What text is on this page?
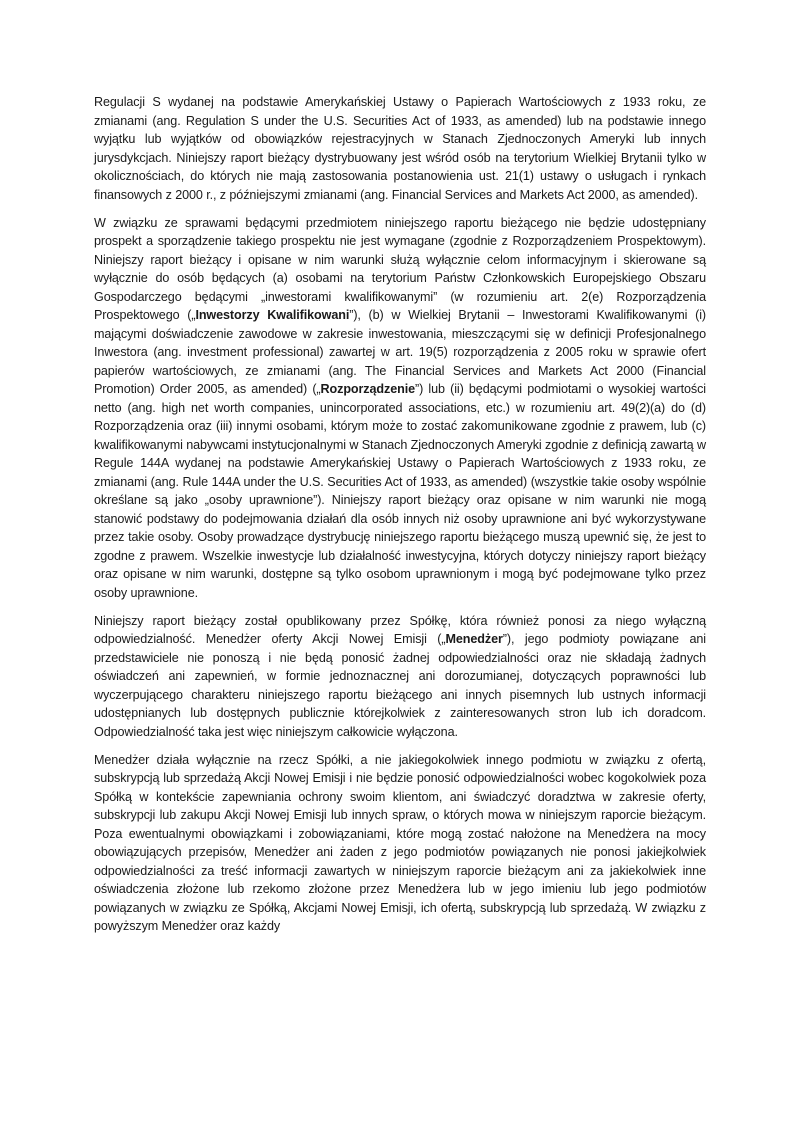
Regulacji S wydanej na podstawie Amerykańskiej Ustawy o Papierach Wartościowych z 1933 roku, ze zmianami (ang. Regulation S under the U.S. Securities Act of 1933, as amended) lub na podstawie innego wyjątku lub wyjątków od obowiązków rejestracyjnych w Stanach Zjednoczonych Ameryki lub innych jurysdykcjach. Niniejszy raport bieżący dystrybuowany jest wśród osób na terytorium Wielkiej Brytanii tylko w okolicznościach, do których nie mają zastosowania postanowienia ust. 21(1) ustawy o usługach i rynkach finansowych z 2000 r., z późniejszymi zmianami (ang. Financial Services and Markets Act 2000, as amended).

W związku ze sprawami będącymi przedmiotem niniejszego raportu bieżącego nie będzie udostępniany prospekt a sporządzenie takiego prospektu nie jest wymagane (zgodnie z Rozporządzeniem Prospektowym). Niniejszy raport bieżący i opisane w nim warunki służą wyłącznie celom informacyjnym i skierowane są wyłącznie do osób będących (a) osobami na terytorium Państw Członkowskich Europejskiego Obszaru Gospodarczego będącymi „inwestorami kwalifikowanymi” (w rozumieniu art. 2(e) Rozporządzenia Prospektowego („Inwestorzy Kwalifikowani”), (b) w Wielkiej Brytanii – Inwestorami Kwalifikowanymi (i) mającymi doświadczenie zawodowe w zakresie inwestowania, mieszczącymi się w definicji Profesjonalnego Inwestora (ang. investment professional) zawartej w art. 19(5) rozporządzenia z 2005 roku w sprawie ofert papierów wartościowych, ze zmianami (ang. The Financial Services and Markets Act 2000 (Financial Promotion) Order 2005, as amended) („Rozporządzenie”) lub (ii) będącymi podmiotami o wysokiej wartości netto (ang. high net worth companies, unincorporated associations, etc.) w rozumieniu art. 49(2)(a) do (d) Rozporządzenia oraz (iii) innymi osobami, którym może to zostać zakomunikowane zgodnie z prawem, lub (c) kwalifikowanymi nabywcami instytucjonalnymi w Stanach Zjednoczonych Ameryki zgodnie z definicją zawartą w Regule 144A wydanej na podstawie Amerykańskiej Ustawy o Papierach Wartościowych z 1933 roku, ze zmianami (ang. Rule 144A under the U.S. Securities Act of 1933, as amended) (wszystkie takie osoby wspólnie określane są jako „osoby uprawnione”). Niniejszy raport bieżący oraz opisane w nim warunki nie mogą stanowić podstawy do podejmowania działań dla osób innych niż osoby uprawnione ani być wykorzystywane przez takie osoby. Osoby prowadzące dystrybucję niniejszego raportu bieżącego muszą upewnić się, że jest to zgodne z prawem. Wszelkie inwestycje lub działalność inwestycyjna, których dotyczy niniejszy raport bieżący oraz opisane w nim warunki, dostępne są tylko osobom uprawnionym i mogą być podejmowane tylko przez osoby uprawnione.

Niniejszy raport bieżący został opublikowany przez Spółkę, która również ponosi za niego wyłączną odpowiedzialność. Menedżer oferty Akcji Nowej Emisji („Menedżer”), jego podmioty powiązane ani przedstawiciele nie ponoszą i nie będą ponosić żadnej odpowiedzialności oraz nie składają żadnych oświadczeń ani zapewnień, w formie jednoznacznej ani dorozumianej, dotyczących poprawności lub wyczerpującego charakteru niniejszego raportu bieżącego ani innych pisemnych lub ustnych informacji udostępnianych lub dostępnych publicznie którejkolwiek z zainteresowanych stron lub ich doradcom. Odpowiedzialność taka jest więc niniejszym całkowicie wyłączona.

Menedżer działa wyłącznie na rzecz Spółki, a nie jakiegokolwiek innego podmiotu w związku z ofertą, subskrypcją lub sprzedażą Akcji Nowej Emisji i nie będzie ponosić odpowiedzialności wobec kogokolwiek poza Spółką w kontekście zapewniania ochrony swoim klientom, ani świadczyć doradztwa w zakresie oferty, subskrypcji lub zakupu Akcji Nowej Emisji lub innych spraw, o których mowa w niniejszym raporcie bieżącym. Poza ewentualnymi obowiązkami i zobowiązaniami, które mogą zostać nałożone na Menedżera na mocy obowiązujących przepisów, Menedżer ani żaden z jego podmiotów powiązanych nie ponosi jakiejkolwiek odpowiedzialności za treść informacji zawartych w niniejszym raporcie bieżącym ani za jakiekolwiek inne oświadczenia złożone lub rzekomo złożone przez Menedżera lub w jego imieniu lub jego podmiotów powiązanych w związku ze Spółką, Akcjami Nowej Emisji, ich ofertą, subskrypcją lub sprzedażą. W związku z powyższym Menedżer oraz każdy
